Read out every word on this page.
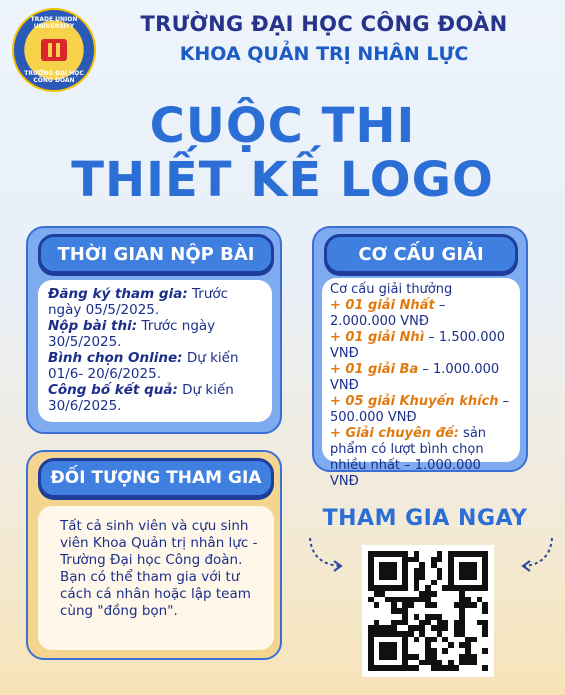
TRADE UNION UNIVERSITY
TRƯỜNG ĐẠI HỌC CÔNG ĐOÀN
TRƯỜNG ĐẠI HỌC CÔNG ĐOÀN
KHOA QUẢN TRỊ NHÂN LỰC
CUỘC THI
THIẾT KẾ LOGO
THỜI GIAN NỘP BÀI
Đăng ký tham gia: Trước ngày 05/5/2025.
Nộp bài thi: Trước ngày 30/5/2025.
Bình chọn Online: Dự kiến 01/6- 20/6/2025.
Công bố kết quả: Dự kiến 30/6/2025.
CƠ CẤU GIẢI
Cơ cấu giải thưởng
+ 01 giải Nhất – 2.000.000 VNĐ
+ 01 giải Nhì – 1.500.000 VNĐ
+ 01 giải Ba – 1.000.000 VNĐ
+ 05 giải Khuyến khích – 500.000 VNĐ
+ Giải chuyên đề: sản phẩm có lượt bình chọn nhiều nhất – 1.000.000 VNĐ
ĐỐI TƯỢNG THAM GIA
Tất cả sinh viên và cựu sinh viên Khoa Quản trị nhân lực - Trường Đại học Công đoàn. Bạn có thể tham gia với tư cách cá nhân hoặc lập team cùng "đồng bọn".
THAM GIA NGAY
